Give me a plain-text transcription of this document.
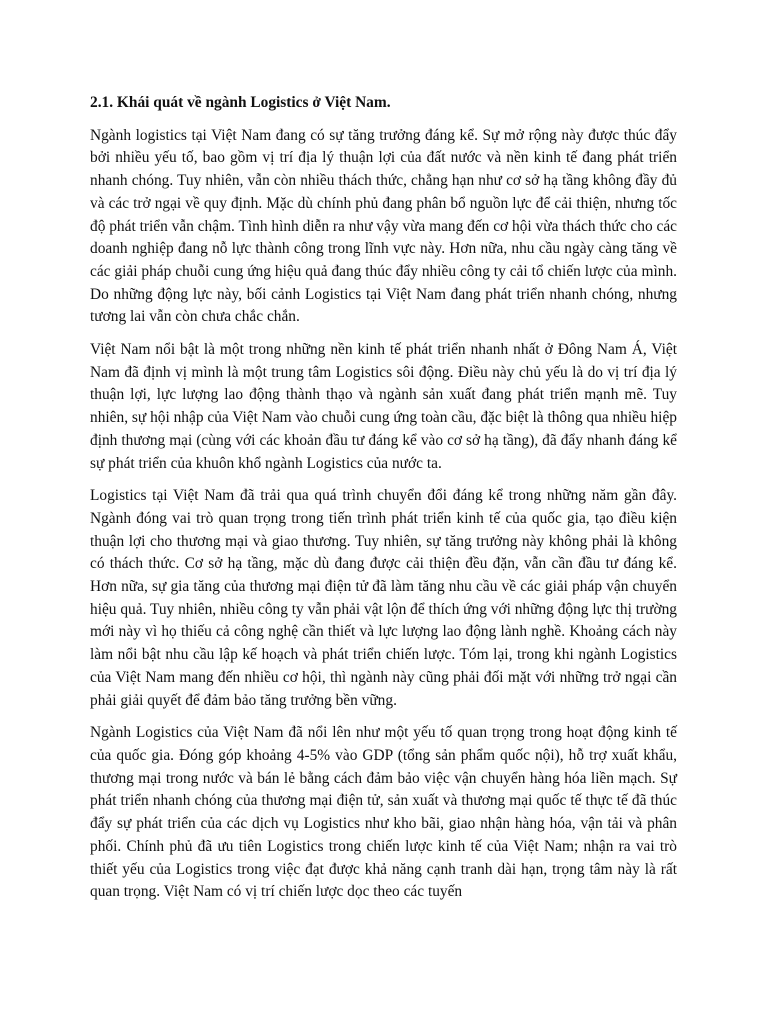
2.1. Khái quát về ngành Logistics ở Việt Nam.

Ngành logistics tại Việt Nam đang có sự tăng trưởng đáng kể. Sự mở rộng này được thúc đẩy bởi nhiều yếu tố, bao gồm vị trí địa lý thuận lợi của đất nước và nền kinh tế đang phát triển nhanh chóng. Tuy nhiên, vẫn còn nhiều thách thức, chẳng hạn như cơ sở hạ tầng không đầy đủ và các trở ngại về quy định. Mặc dù chính phủ đang phân bổ nguồn lực để cải thiện, nhưng tốc độ phát triển vẫn chậm. Tình hình diễn ra như vậy vừa mang đến cơ hội vừa thách thức cho các doanh nghiệp đang nỗ lực thành công trong lĩnh vực này. Hơn nữa, nhu cầu ngày càng tăng về các giải pháp chuỗi cung ứng hiệu quả đang thúc đẩy nhiều công ty cải tổ chiến lược của mình. Do những động lực này, bối cảnh Logistics tại Việt Nam đang phát triển nhanh chóng, nhưng tương lai vẫn còn chưa chắc chắn.

Việt Nam nổi bật là một trong những nền kinh tế phát triển nhanh nhất ở Đông Nam Á, Việt Nam đã định vị mình là một trung tâm Logistics sôi động. Điều này chủ yếu là do vị trí địa lý thuận lợi, lực lượng lao động thành thạo và ngành sản xuất đang phát triển mạnh mẽ. Tuy nhiên, sự hội nhập của Việt Nam vào chuỗi cung ứng toàn cầu, đặc biệt là thông qua nhiều hiệp định thương mại (cùng với các khoản đầu tư đáng kể vào cơ sở hạ tầng), đã đẩy nhanh đáng kể sự phát triển của khuôn khổ ngành Logistics của nước ta.

Logistics tại Việt Nam đã trải qua quá trình chuyển đổi đáng kể trong những năm gần đây. Ngành đóng vai trò quan trọng trong tiến trình phát triển kinh tế của quốc gia, tạo điều kiện thuận lợi cho thương mại và giao thương. Tuy nhiên, sự tăng trưởng này không phải là không có thách thức. Cơ sở hạ tầng, mặc dù đang được cải thiện đều đặn, vẫn cần đầu tư đáng kể. Hơn nữa, sự gia tăng của thương mại điện tử đã làm tăng nhu cầu về các giải pháp vận chuyển hiệu quả. Tuy nhiên, nhiều công ty vẫn phải vật lộn để thích ứng với những động lực thị trường mới này vì họ thiếu cả công nghệ cần thiết và lực lượng lao động lành nghề. Khoảng cách này làm nổi bật nhu cầu lập kế hoạch và phát triển chiến lược. Tóm lại, trong khi ngành Logistics của Việt Nam mang đến nhiều cơ hội, thì ngành này cũng phải đối mặt với những trở ngại cần phải giải quyết để đảm bảo tăng trưởng bền vững.

Ngành Logistics của Việt Nam đã nổi lên như một yếu tố quan trọng trong hoạt động kinh tế của quốc gia. Đóng góp khoảng 4-5% vào GDP (tổng sản phẩm quốc nội), hỗ trợ xuất khẩu, thương mại trong nước và bán lẻ bằng cách đảm bảo việc vận chuyển hàng hóa liền mạch. Sự phát triển nhanh chóng của thương mại điện tử, sản xuất và thương mại quốc tế thực tế đã thúc đẩy sự phát triển của các dịch vụ Logistics như kho bãi, giao nhận hàng hóa, vận tải và phân phối. Chính phủ đã ưu tiên Logistics trong chiến lược kinh tế của Việt Nam; nhận ra vai trò thiết yếu của Logistics trong việc đạt được khả năng cạnh tranh dài hạn, trọng tâm này là rất quan trọng. Việt Nam có vị trí chiến lược dọc theo các tuyến
